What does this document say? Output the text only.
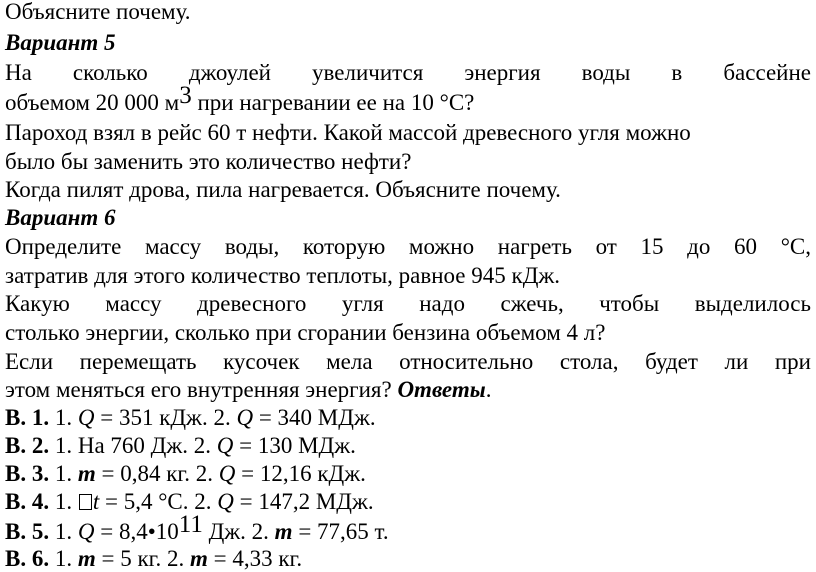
Объясните почему.
Вариант 5
На сколько джоулей увеличится энергия воды в бассейне
объемом 20 000 м3 при нагревании ее на 10 °С?
Пароход взял в рейс 60 т нефти. Какой массой древесного угля можно
было бы заменить это количество нефти?
Когда пилят дрова, пила нагревается. Объясните почему.
Вариант 6
Определите массу воды, которую можно нагреть от 15 до 60 °С,
затратив для этого количество теплоты, равное 945 кДж.
Какую массу древесного угля надо сжечь, чтобы выделилось
столько энергии, сколько при сгорании бензина объемом 4 л?
Если перемещать кусочек мела относительно стола, будет ли при
этом меняться его внутренняя энергия? Ответы.
В. 1. 1. Q = 351 кДж. 2. Q = 340 МДж.
В. 2. 1. На 760 Дж. 2. Q = 130 МДж.
В. 3. 1. m = 0,84 кг. 2. Q = 12,16 кДж.
В. 4. 1. t = 5,4 °С. 2. Q = 147,2 МДж.
В. 5. 1. Q = 8,4•1011 Дж. 2. m = 77,65 т.
В. 6. 1. m = 5 кг. 2. m = 4,33 кг.
